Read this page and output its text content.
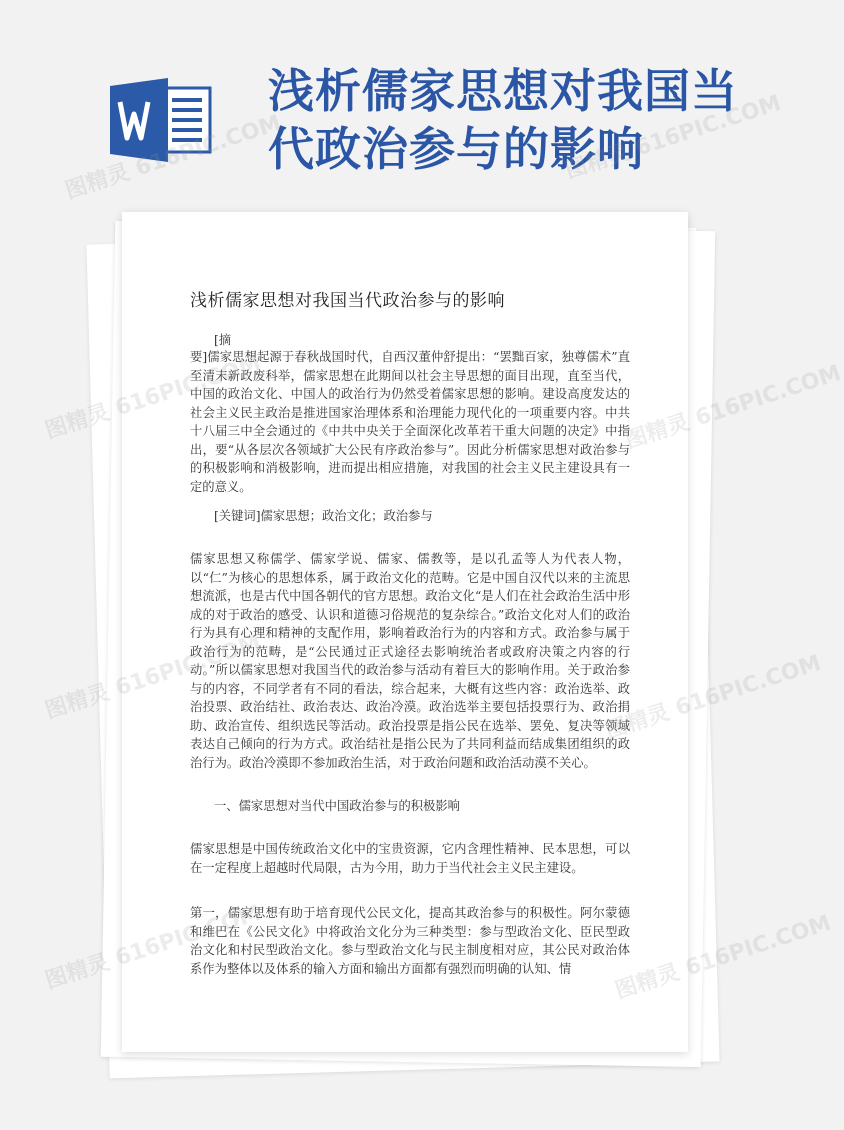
浅析儒家思想对我国当代政治参与的影响
浅析儒家思想对我国当代政治参与的影响
[摘

要]儒家思想起源于春秋战国时代，自西汉董仲舒提出：“罢黜百家，独尊儒术”直至清末新政废科举，儒家思想在此期间以社会主导思想的面目出现，直至当代，中国的政治文化、中国人的政治行为仍然受着儒家思想的影响。建设高度发达的社会主义民主政治是推进国家治理体系和治理能力现代化的一项重要内容。中共十八届三中全会通过的《中共中央关于全面深化改革若干重大问题的决定》中指出，要“从各层次各领域扩大公民有序政治参与”。因此分析儒家思想对政治参与的积极影响和消极影响，进而提出相应措施，对我国的社会主义民主建设具有一定的意义。

[关键词]儒家思想；政治文化；政治参与

儒家思想又称儒学、儒家学说、儒家、儒教等，是以孔孟等人为代表人物，以“仁”为核心的思想体系，属于政治文化的范畴。它是中国自汉代以来的主流思想流派，也是古代中国各朝代的官方思想。政治文化“是人们在社会政治生活中形成的对于政治的感受、认识和道德习俗规范的复杂综合。”政治文化对人们的政治行为具有心理和精神的支配作用，影响着政治行为的内容和方式。政治参与属于政治行为的范畴，是“公民通过正式途径去影响统治者或政府决策之内容的行动。”所以儒家思想对我国当代的政治参与活动有着巨大的影响作用。关于政治参与的内容，不同学者有不同的看法，综合起来，大概有这些内容：政治选举、政治投票、政治结社、政治表达、政治冷漠。政治选举主要包括投票行为、政治捐助、政治宣传、组织选民等活动。政治投票是指公民在选举、罢免、复决等领域表达自己倾向的行为方式。政治结社是指公民为了共同利益而结成集团组织的政治行为。政治冷漠即不参加政治生活，对于政治问题和政治活动漠不关心。

一、儒家思想对当代中国政治参与的积极影响

儒家思想是中国传统政治文化中的宝贵资源，它内含理性精神、民本思想，可以在一定程度上超越时代局限，古为今用，助力于当代社会主义民主建设。

第一，儒家思想有助于培育现代公民文化，提高其政治参与的积极性。阿尔蒙德和维巴在《公民文化》中将政治文化分为三种类型：参与型政治文化、臣民型政治文化和村民型政治文化。参与型政治文化与民主制度相对应，其公民对政治体系作为整体以及体系的输入方面和输出方面都有强烈而明确的认知、情

图精灵 616PIC.COM	图精灵 616PIC.COM
图精灵	图精灵 616PIC.COM
图精灵	图精灵 616PIC.COM
图精灵	图精灵 616PIC.COM
